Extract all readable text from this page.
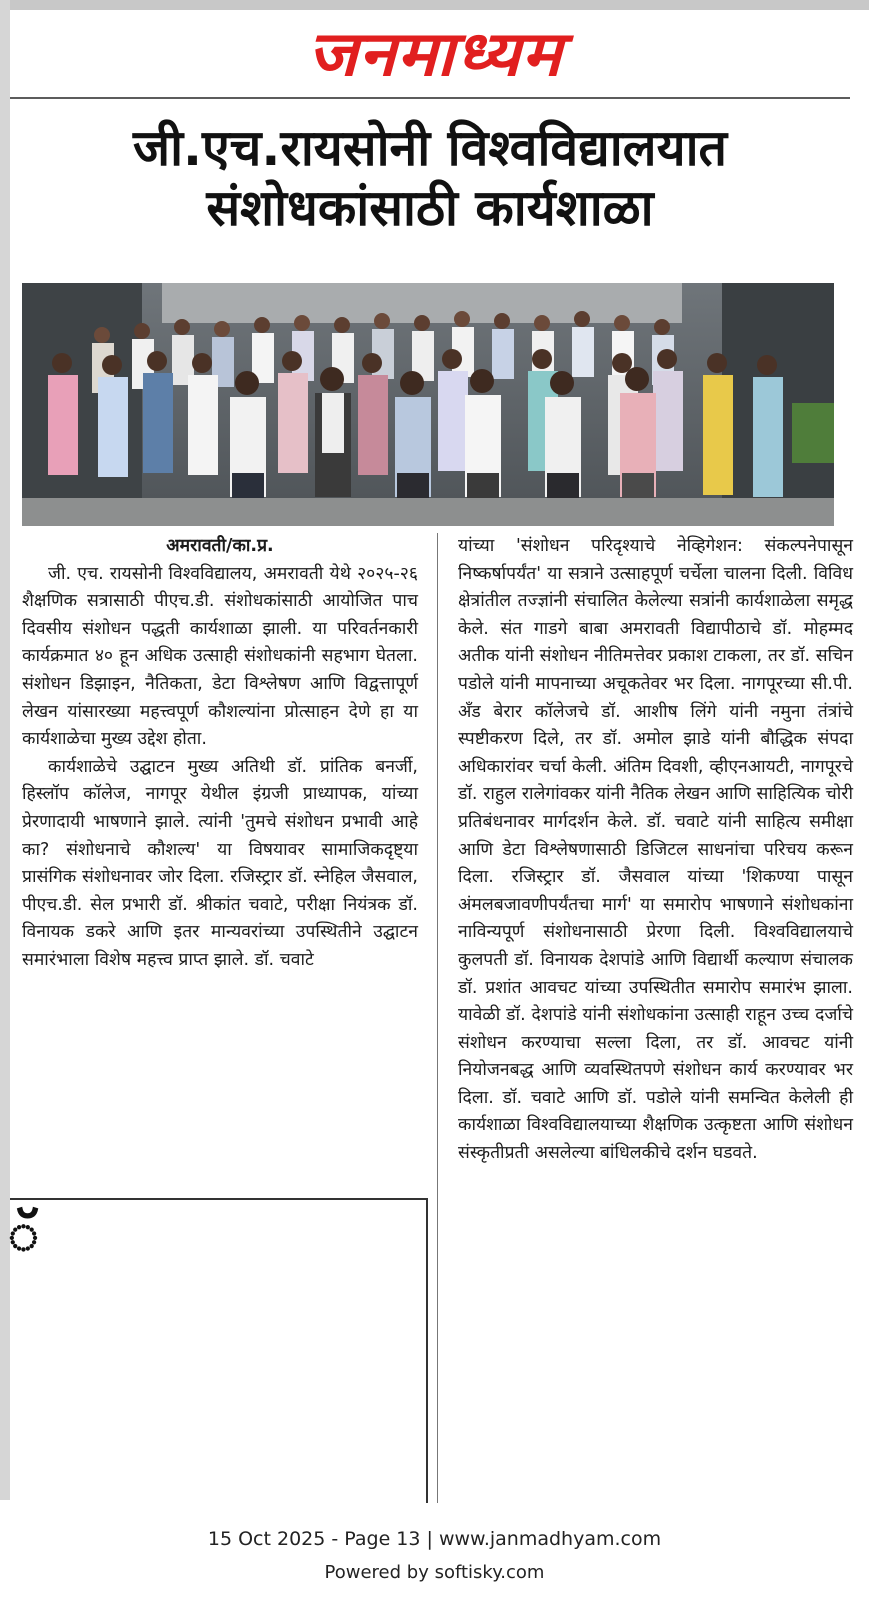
जनमाध्यम
जी.एच.रायसोनी विश्वविद्यालयात
संशोधकांसाठी कार्यशाळा

अमरावती/का.प्र.

जी. एच. रायसोनी विश्वविद्यालय, अमरावती येथे २०२५-२६ शैक्षणिक सत्रासाठी पीएच.डी. संशोधकांसाठी आयोजित पाच दिवसीय संशोधन पद्धती कार्यशाळा झाली. या परिवर्तनकारी कार्यक्रमात ४० हून अधिक उत्साही संशोधकांनी सहभाग घेतला. संशोधन डिझाइन, नैतिकता, डेटा विश्लेषण आणि विद्वत्तापूर्ण लेखन यांसारख्या महत्त्वपूर्ण कौशल्यांना प्रोत्साहन देणे हा या कार्यशाळेचा मुख्य उद्देश होता.

कार्यशाळेचे उद्घाटन मुख्य अतिथी डॉ. प्रांतिक बनर्जी, हिस्लॉप कॉलेज, नागपूर येथील इंग्रजी प्राध्यापक, यांच्या प्रेरणादायी भाषणाने झाले. त्यांनी 'तुमचे संशोधन प्रभावी आहे का? संशोधनाचे कौशल्य' या विषयावर सामाजिकदृष्ट्या प्रासंगिक संशोधनावर जोर दिला. रजिस्ट्रार डॉ. स्नेहिल जैसवाल, पीएच.डी. सेल प्रभारी डॉ. श्रीकांत चवाटे, परीक्षा नियंत्रक डॉ. विनायक डकरे आणि इतर मान्यवरांच्या उपस्थितीने उद्घाटन समारंभाला विशेष महत्त्व प्राप्त झाले. डॉ. चवाटे

यांच्या 'संशोधन परिदृश्याचे नेव्हिगेशन: संकल्पनेपासून निष्कर्षापर्यंत' या सत्राने उत्साहपूर्ण चर्चेला चालना दिली. विविध क्षेत्रांतील तज्ज्ञांनी संचालित केलेल्या सत्रांनी कार्यशाळेला समृद्ध केले. संत गाडगे बाबा अमरावती विद्यापीठाचे डॉ. मोहम्मद अतीक यांनी संशोधन नीतिमत्तेवर प्रकाश टाकला, तर डॉ. सचिन पडोले यांनी मापनाच्या अचूकतेवर भर दिला. नागपूरच्या सी.पी. अँड बेरार कॉलेजचे डॉ. आशीष लिंगे यांनी नमुना तंत्रांचे स्पष्टीकरण दिले, तर डॉ. अमोल झाडे यांनी बौद्धिक संपदा अधिकारांवर चर्चा केली. अंतिम दिवशी, व्हीएनआयटी, नागपूरचे डॉ. राहुल रालेगांवकर यांनी नैतिक लेखन आणि साहित्यिक चोरी प्रतिबंधनावर मार्गदर्शन केले. डॉ. चवाटे यांनी साहित्य समीक्षा आणि डेटा विश्लेषणासाठी डिजिटल साधनांचा परिचय करून दिला. रजिस्ट्रार डॉ. जैसवाल यांच्या 'शिकण्या पासून अंमलबजावणीपर्यंतचा मार्ग' या समारोप भाषणाने संशोधकांना नाविन्यपूर्ण संशोधनासाठी प्रेरणा दिली. विश्वविद्यालयाचे कुलपती डॉ. विनायक देशपांडे आणि विद्यार्थी कल्याण संचालक डॉ. प्रशांत आवचट यांच्या उपस्थितीत समारोप समारंभ झाला. यावेळी डॉ. देशपांडे यांनी संशोधकांना उत्साही राहून उच्च दर्जाचे संशोधन करण्याचा सल्ला दिला, तर डॉ. आवचट यांनी नियोजनबद्ध आणि व्यवस्थितपणे संशोधन कार्य करण्यावर भर दिला. डॉ. चवाटे आणि डॉ. पडोले यांनी समन्वित केलेली ही कार्यशाळा विश्वविद्यालयाच्या शैक्षणिक उत्कृष्टता आणि संशोधन संस्कृतीप्रती असलेल्या बांधिलकीचे दर्शन घडवते.

ॅ
15 Oct 2025 - Page 13 | www.janmadhyam.com
Powered by softisky.com
